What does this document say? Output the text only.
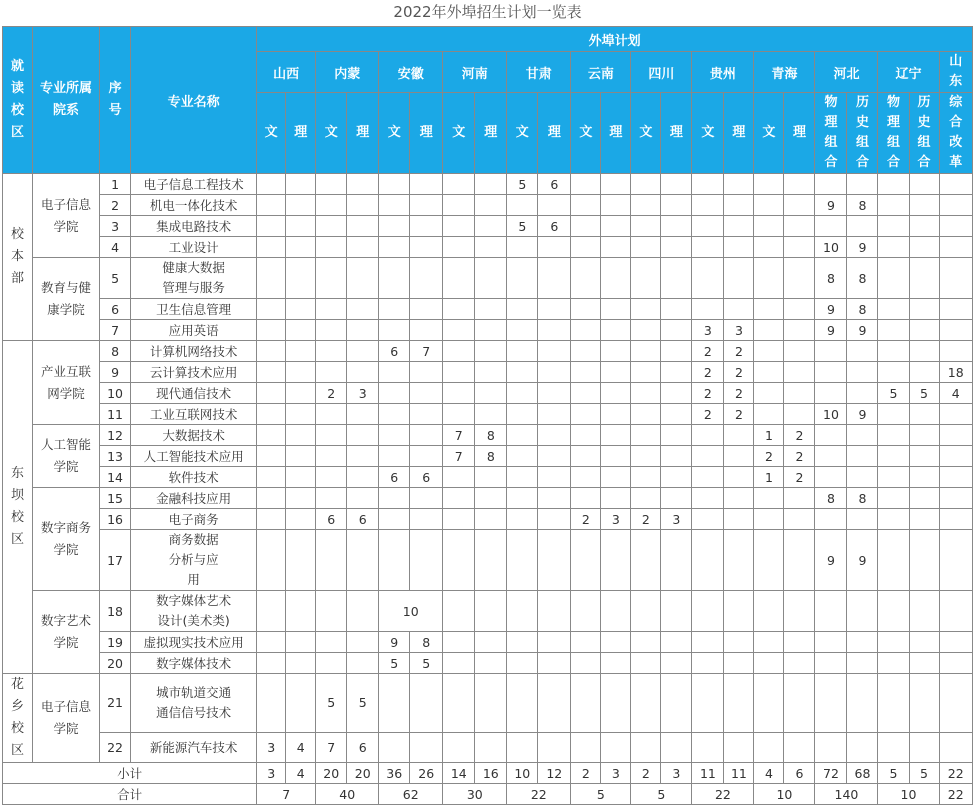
2022年外埠招生计划一览表
就读校区	专业所属院系	序号	专业名称	外埠计划																						
				山西		内蒙		安徽		河南		甘肃		云南		四川		贵州		青海		河北		辽宁		山东
				文	理	文	理	文	理	文	理	文	理	文	理	文	理	文	理	文	理	物理组合	历史组合	物理组合	历史组合	综合改革
校本部	电子信息学院	1	电子信息工程技术									5	6													
		2	机电一体化技术																			9	8			
		3	集成电路技术									5	6													
		4	工业设计																			10	9			

	教育与健康学院	5	健康大数据管理与服务																			8	8			
		6	卫生信息管理																			9	8			
		7	应用英语															3	3			9	9			
东坝校区	产业互联网学院	8	计算机网络技术					6	7									2	2							
		9	云计算技术应用															2	2							18
		10	现代通信技术			2	3											2	2					5	5	4
		11	工业互联网技术															2	2			10	9			

	人工智能学院	12	大数据技术							7	8									1	2					
		13	人工智能技术应用							7	8									2	2					
		14	软件技术					6	6											1	2					

	数字商务学院	15	金融科技应用																			8	8			
		16	电子商务			6	6							2	3	2	3									
		17	商务数据分析与应用																			9	9			

	数字艺术学院	18	数字媒体艺术设计(美术类)					10																		
		19	虚拟现实技术应用					9	8																	
		20	数字媒体技术					5	5																	
花乡校区	电子信息学院	21	城市轨道交通通信信号技术			5	5																			
		22	新能源汽车技术	3	4	7	6																			
小计				3	4	20	20	36	26	14	16	10	12	2	3	2	3	11	11	4	6	72	68	5	5	22
合计				7		40		62		30		22		5		5		22		10		140		10		22
